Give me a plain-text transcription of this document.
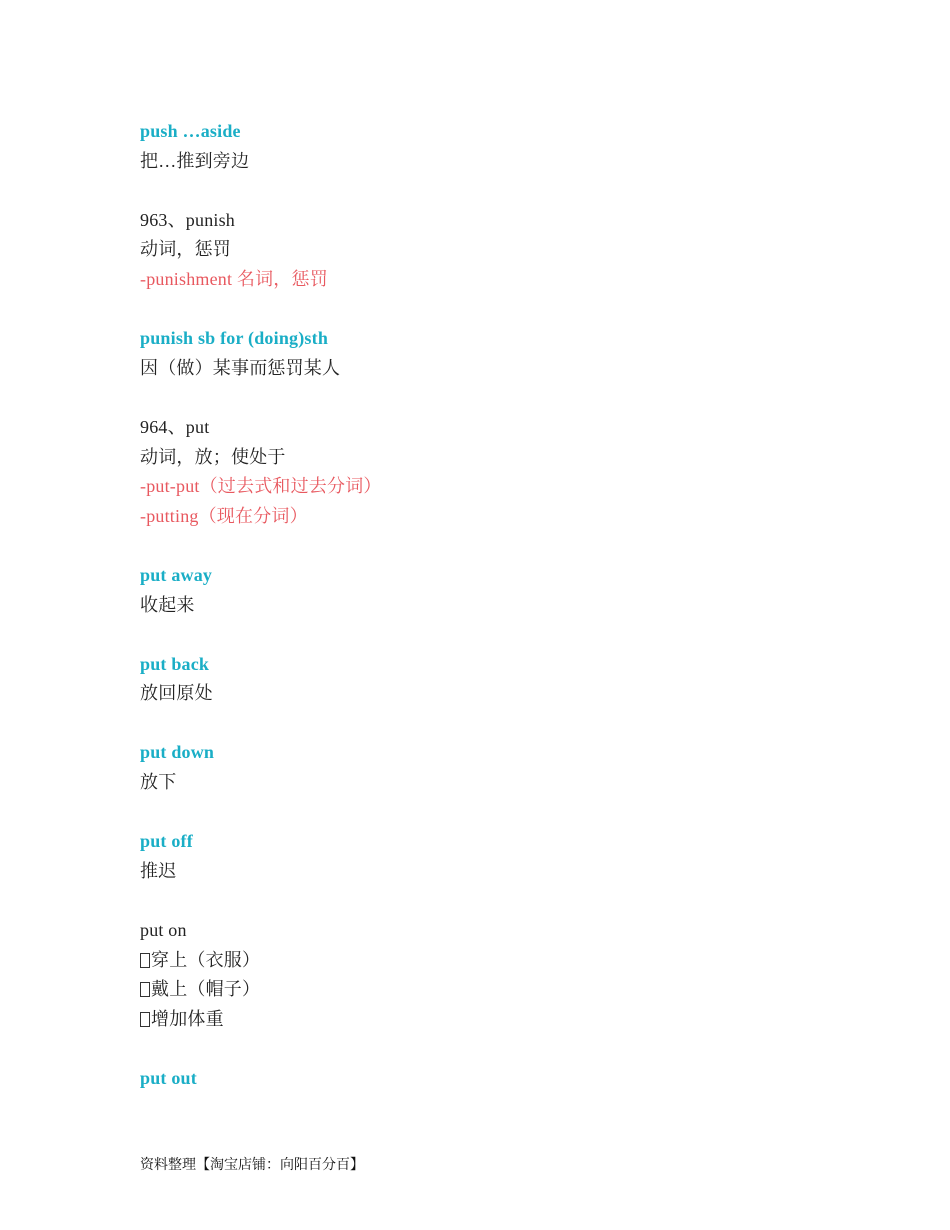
push …aside
把…推到旁边
963、punish
动词，惩罚
-punishment 名词，惩罚
punish sb for (doing)sth
因（做）某事而惩罚某人
964、put
动词，放；使处于
-put-put（过去式和过去分词）
-putting（现在分词）
put away
收起来
put back
放回原处
put down
放下
put off
推迟
put on
穿上（衣服）
戴上（帽子）
增加体重
put out
资料整理【淘宝店铺：向阳百分百】
